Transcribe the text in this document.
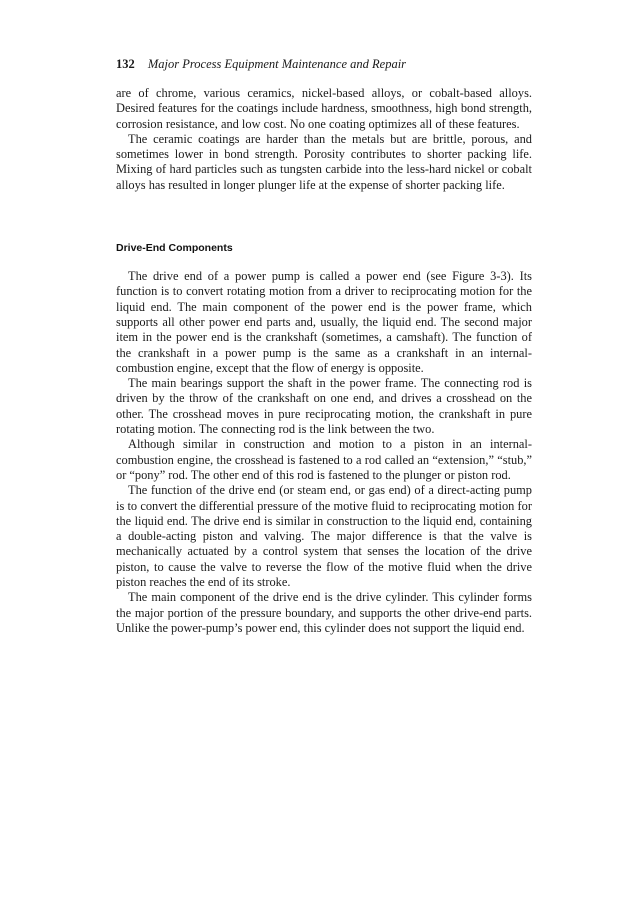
132 Major Process Equipment Maintenance and Repair

are of chrome, various ceramics, nickel-based alloys, or cobalt-based alloys. Desired features for the coatings include hardness, smoothness, high bond strength, corrosion resistance, and low cost. No one coating optimizes all of these features.

The ceramic coatings are harder than the metals but are brittle, porous, and sometimes lower in bond strength. Porosity contributes to shorter packing life. Mixing of hard particles such as tungsten carbide into the less-hard nickel or cobalt alloys has resulted in longer plunger life at the expense of shorter packing life.

Drive-End Components

The drive end of a power pump is called a power end (see Figure 3-3). Its function is to convert rotating motion from a driver to reciprocating motion for the liquid end. The main component of the power end is the power frame, which supports all other power end parts and, usually, the liquid end. The second major item in the power end is the crankshaft (sometimes, a camshaft). The function of the crankshaft in a power pump is the same as a crankshaft in an internal-combustion engine, except that the flow of energy is opposite.

The main bearings support the shaft in the power frame. The connecting rod is driven by the throw of the crankshaft on one end, and drives a crosshead on the other. The crosshead moves in pure reciprocating motion, the crankshaft in pure rotating motion. The connecting rod is the link between the two.

Although similar in construction and motion to a piston in an internal-combustion engine, the crosshead is fastened to a rod called an “extension,” “stub,” or “pony” rod. The other end of this rod is fastened to the plunger or piston rod.

The function of the drive end (or steam end, or gas end) of a direct-acting pump is to convert the differential pressure of the motive fluid to reciprocating motion for the liquid end. The drive end is similar in construction to the liquid end, containing a double-acting piston and valving. The major difference is that the valve is mechanically actuated by a control system that senses the location of the drive piston, to cause the valve to reverse the flow of the motive fluid when the drive piston reaches the end of its stroke.

The main component of the drive end is the drive cylinder. This cylinder forms the major portion of the pressure boundary, and supports the other drive-end parts. Unlike the power-pump’s power end, this cylinder does not support the liquid end.
